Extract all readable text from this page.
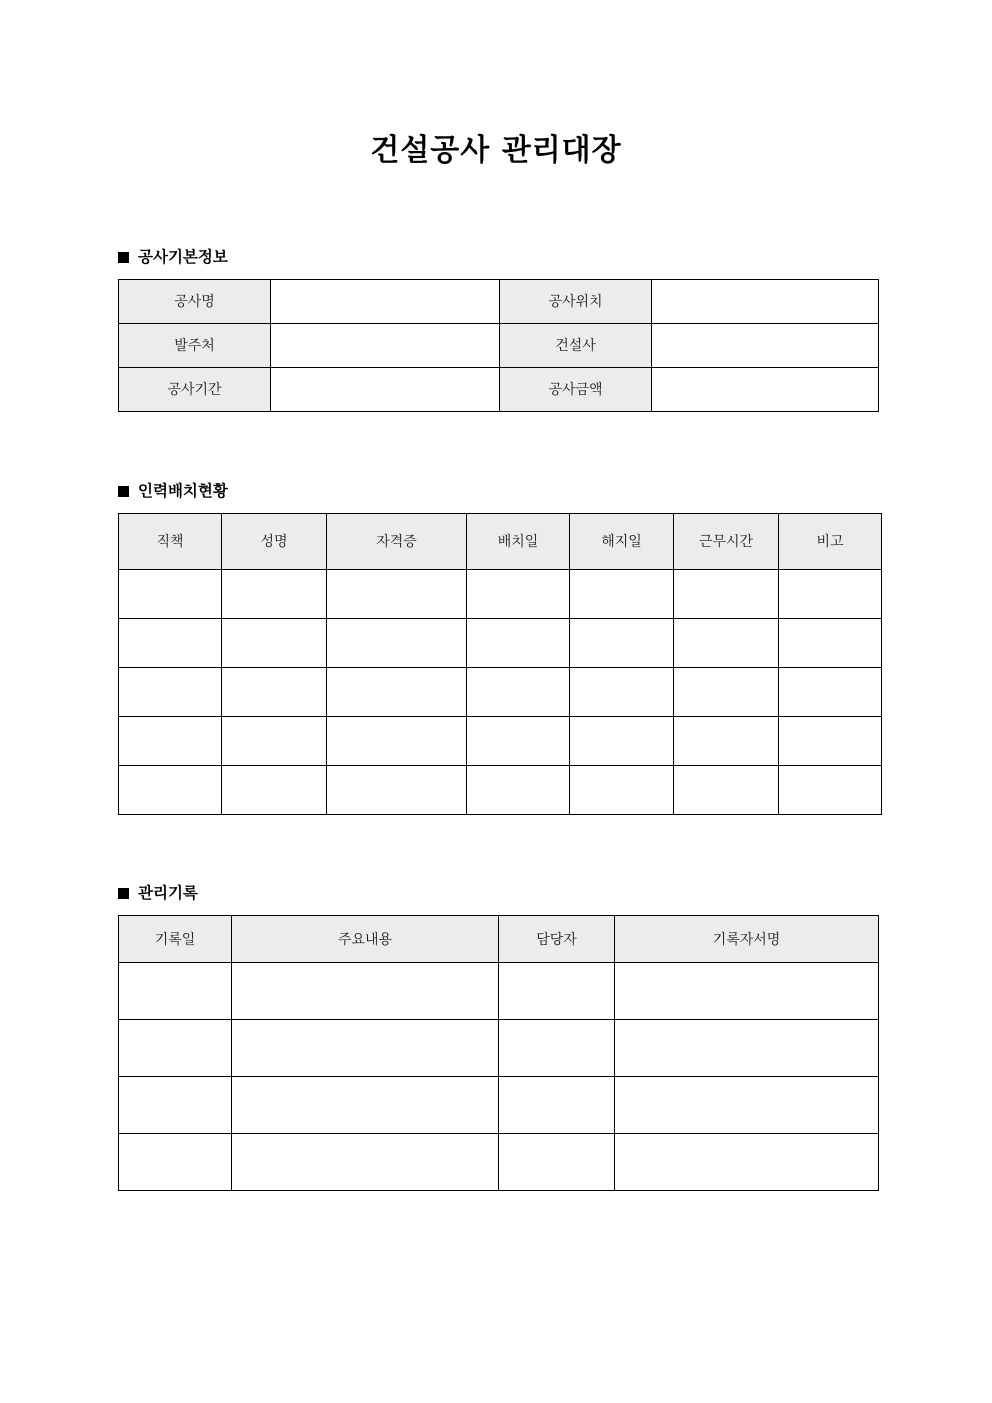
건설공사 관리대장
공사기본정보
공사명		공사위치	
발주처		건설사	
공사기간		공사금액	
인력배치현황
직책	성명	자격증	배치일	해지일	근무시간	비고

관리기록
기록일	주요내용	담당자	기록자서명
